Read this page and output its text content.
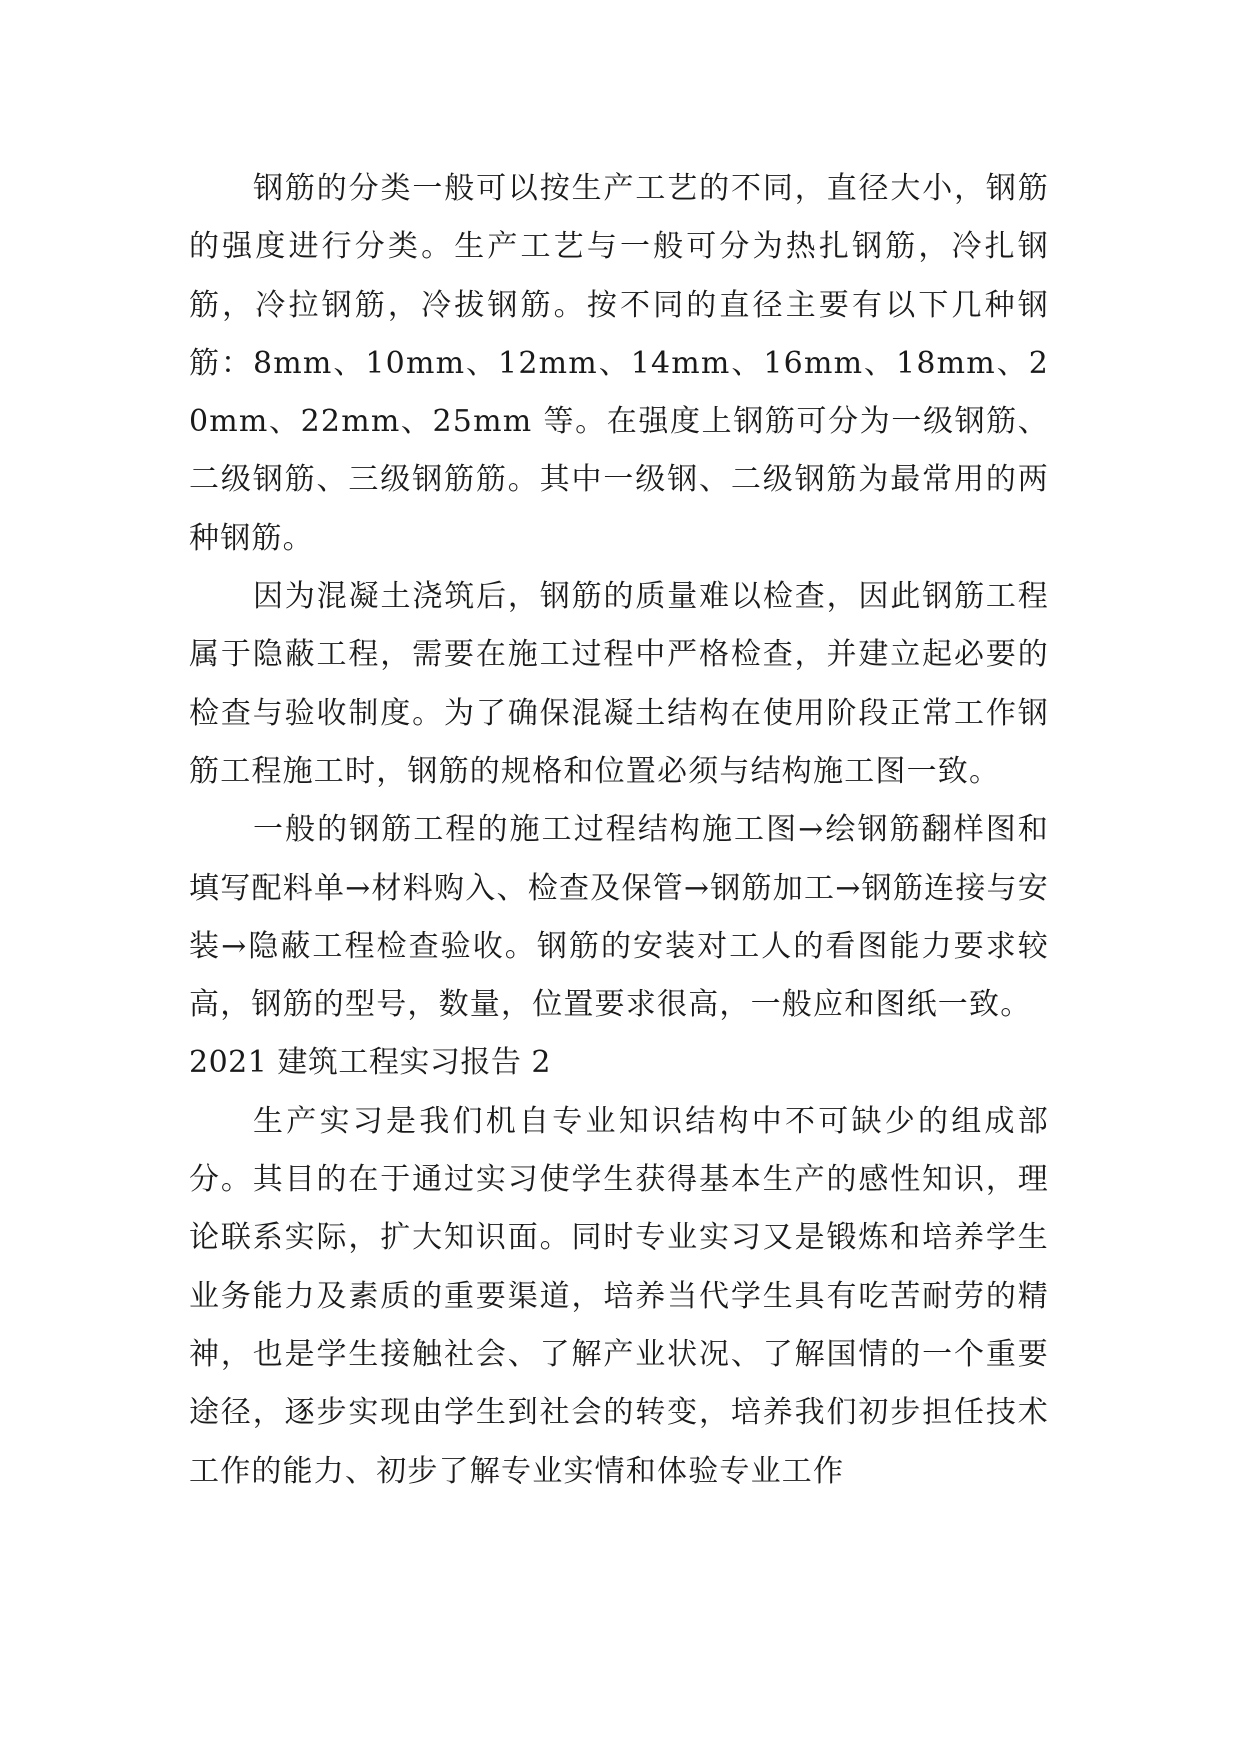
钢筋的分类一般可以按生产工艺的不同，直径大小，钢筋的强度进行分类。生产工艺与一般可分为热扎钢筋，冷扎钢筋，冷拉钢筋，冷拔钢筋。按不同的直径主要有以下几种钢筋：8mm、10mm、12mm、14mm、16mm、18mm、20mm、22mm、25mm 等。在强度上钢筋可分为一级钢筋、二级钢筋、三级钢筋筋。其中一级钢、二级钢筋为最常用的两种钢筋。

因为混凝土浇筑后，钢筋的质量难以检查，因此钢筋工程属于隐蔽工程，需要在施工过程中严格检查，并建立起必要的检查与验收制度。为了确保混凝土结构在使用阶段正常工作钢筋工程施工时，钢筋的规格和位置必须与结构施工图一致。

一般的钢筋工程的施工过程结构施工图→绘钢筋翻样图和填写配料单→材料购入、检查及保管→钢筋加工→钢筋连接与安装→隐蔽工程检查验收。钢筋的安装对工人的看图能力要求较高，钢筋的型号，数量，位置要求很高，一般应和图纸一致。

2021 建筑工程实习报告 2

生产实习是我们机自专业知识结构中不可缺少的组成部分。其目的在于通过实习使学生获得基本生产的感性知识，理论联系实际，扩大知识面。同时专业实习又是锻炼和培养学生业务能力及素质的重要渠道，培养当代学生具有吃苦耐劳的精神，也是学生接触社会、了解产业状况、了解国情的一个重要途径，逐步实现由学生到社会的转变，培养我们初步担任技术工作的能力、初步了解专业实情和体验专业工作
